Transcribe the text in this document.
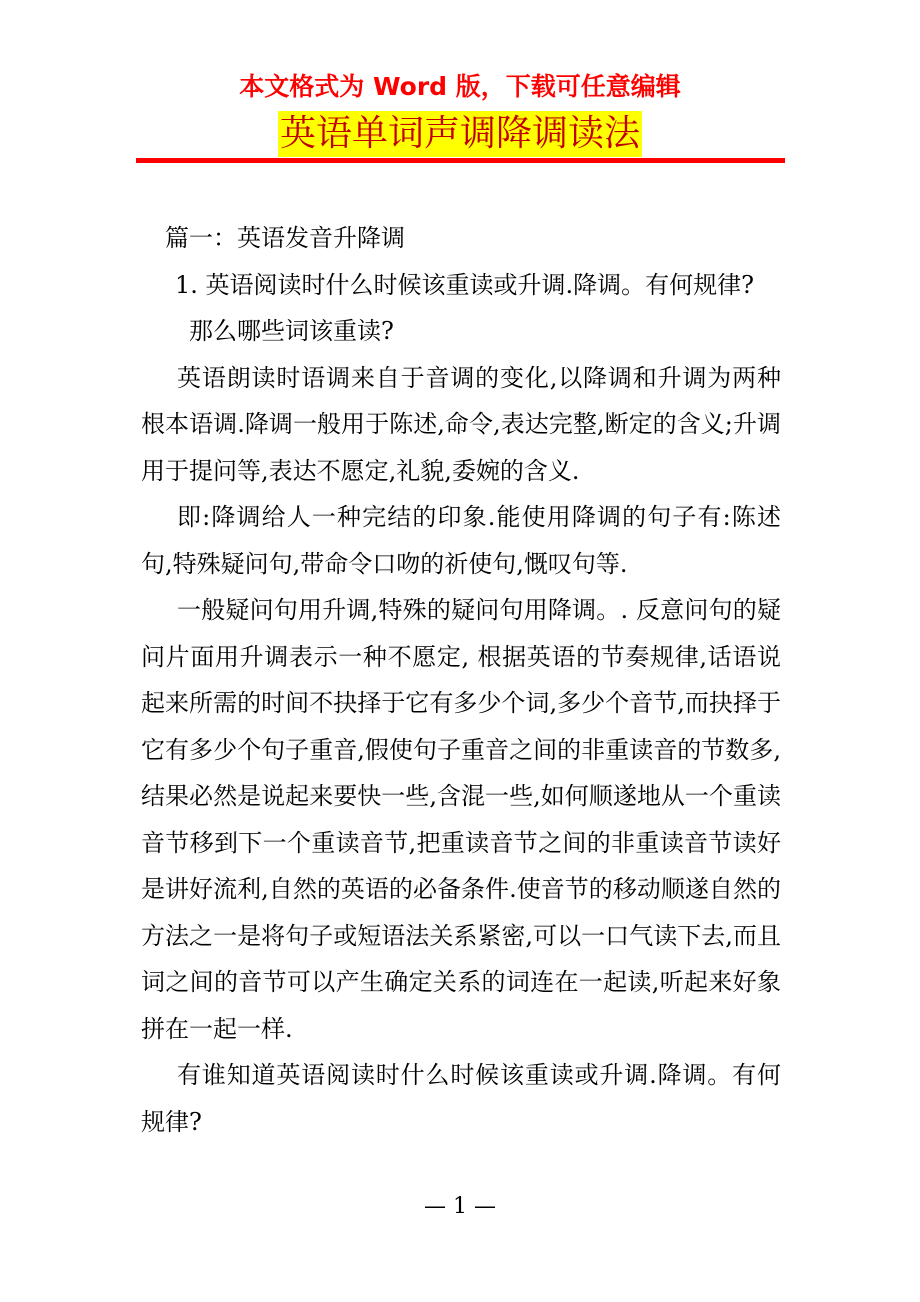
本文格式为 Word 版，下载可任意编辑
英语单词声调降调读法

篇一：英语发音升降调

1. 英语阅读时什么时候该重读或升调.降调。有何规律?

那么哪些词该重读?

英语朗读时语调来自于音调的变化,以降调和升调为两种根本语调.降调一般用于陈述,命令,表达完整,断定的含义;升调用于提问等,表达不愿定,礼貌,委婉的含义.

即:降调给人一种完结的印象.能使用降调的句子有:陈述句,特殊疑问句,带命令口吻的祈使句,慨叹句等.

一般疑问句用升调,特殊的疑问句用降调。. 反意问句的疑问片面用升调表示一种不愿定, 根据英语的节奏规律,话语说起来所需的时间不抉择于它有多少个词,多少个音节,而抉择于它有多少个句子重音,假使句子重音之间的非重读音的节数多,结果必然是说起来要快一些,含混一些,如何顺遂地从一个重读音节移到下一个重读音节,把重读音节之间的非重读音节读好是讲好流利,自然的英语的必备条件.使音节的移动顺遂自然的方法之一是将句子或短语法关系紧密,可以一口气读下去,而且词之间的音节可以产生确定关系的词连在一起读,听起来好象拼在一起一样.

有谁知道英语阅读时什么时候该重读或升调.降调。有何规律?

— 1 —
